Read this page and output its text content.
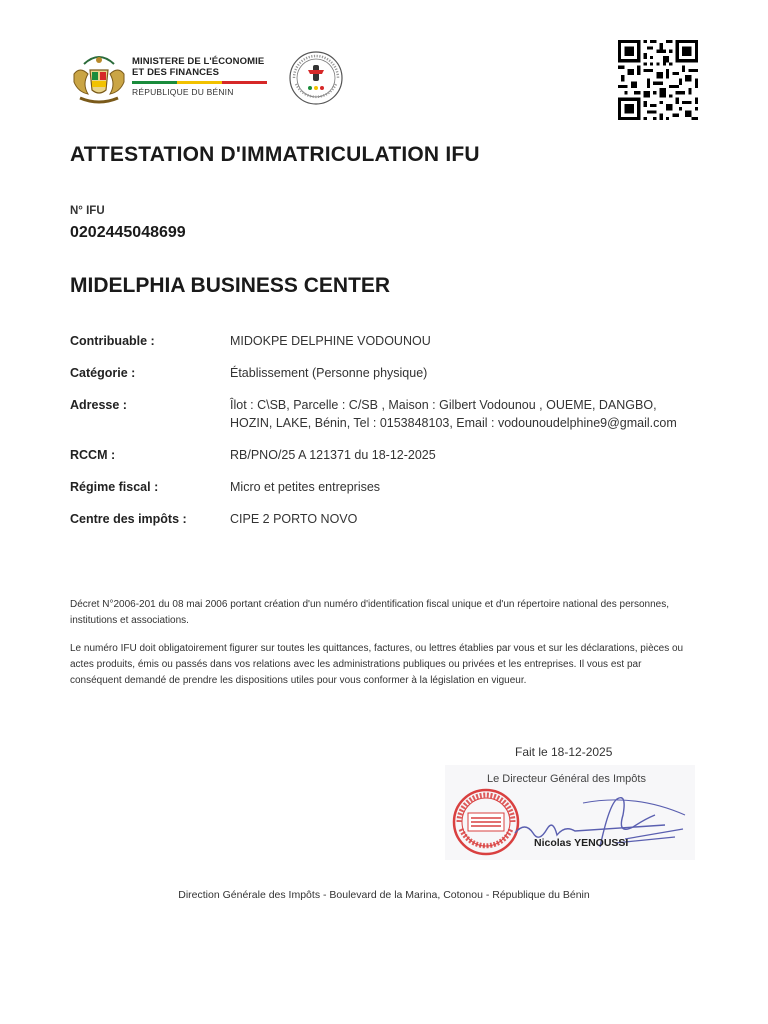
MINISTERE DE L'ÉCONOMIE
ET DES FINANCES
RÉPUBLIQUE DU BÉNIN
ATTESTATION D'IMMATRICULATION IFU
N° IFU
0202445048699
MIDELPHIA BUSINESS CENTER
Contribuable :	MIDOKPE DELPHINE VODOUNOU
Catégorie :	Établissement (Personne physique)
Adresse :	Îlot : C\SB, Parcelle : C/SB , Maison : Gilbert Vodounou , OUEME, DANGBO, HOZIN, LAKE, Bénin, Tel : 0153848103, Email : vodounoudelphine9@gmail.com
RCCM :	RB/PNO/25 A 121371 du 18-12-2025
Régime fiscal :	Micro et petites entreprises
Centre des impôts :	CIPE 2 PORTO NOVO

Décret N°2006-201 du 08 mai 2006 portant création d'un numéro d'identification fiscal unique et d'un répertoire national des personnes, institutions et associations.

Le numéro IFU doit obligatoirement figurer sur toutes les quittances, factures, ou lettres établies par vous et sur les déclarations, pièces ou actes produits, émis ou passés dans vos relations avec les administrations publiques ou privées et les entreprises. Il vous est par conséquent demandé de prendre les dispositions utiles pour vous conformer à la législation en vigueur.

Fait le 18-12-2025
Le Directeur Général des Impôts
Nicolas YENOUSSI
Direction Générale des Impôts - Boulevard de la Marina, Cotonou - République du Bénin
